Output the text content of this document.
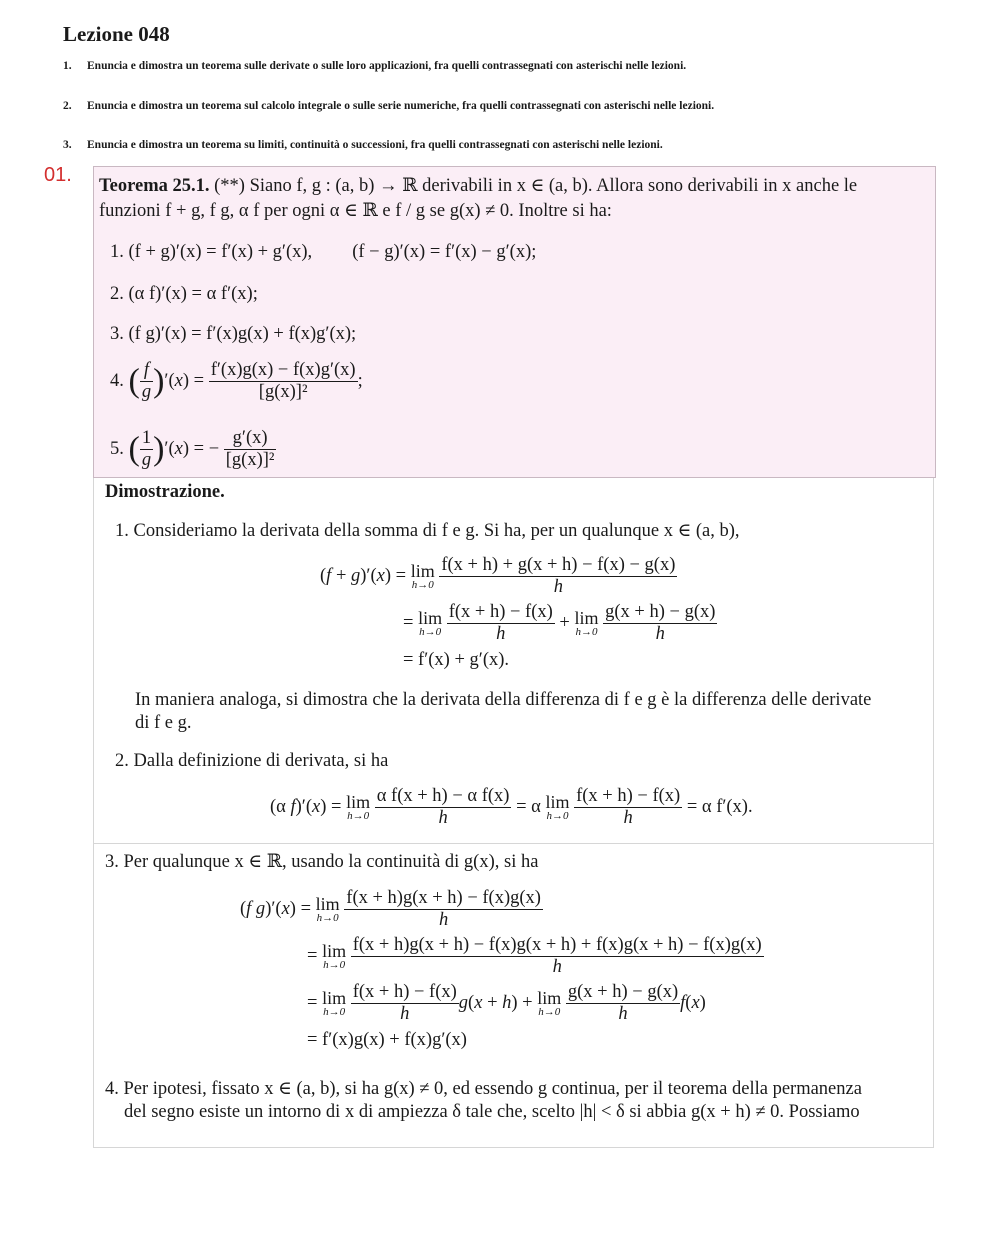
Lezione 048
1. Enuncia e dimostra un teorema sulle derivate o sulle loro applicazioni, fra quelli contrassegnati con asterischi nelle lezioni.
2. Enuncia e dimostra un teorema sul calcolo integrale o sulle serie numeriche, fra quelli contrassegnati con asterischi nelle lezioni.
3. Enuncia e dimostra un teorema su limiti, continuità o successioni, fra quelli contrassegnati con asterischi nelle lezioni.
01. Teorema 25.1. (**) Siano f, g : (a, b) → ℝ derivabili in x ∈ (a, b). Allora sono derivabili in x anche le
funzioni f + g, f g, α f per ogni α ∈ ℝ e f / g se g(x) ≠ 0. Inoltre si ha:
1. (f + g)′(x) = f′(x) + g′(x), (f − g)′(x) = f′(x) − g′(x);
2. (α f)′(x) = α f′(x);
3. (f g)′(x) = f′(x)g(x) + f(x)g′(x);
4. ( $\frac{f}{g} )'(x) = \frac{f'(x)g(x) - f(x)g'(x)}{\text{[g(x)]²}}$ ;
5. ( $\frac{1}{g} )'(x)$ = − $\frac{g'(x)}{\text{[g(x)]²}}$
Dimostrazione.
1. Consideriamo la derivata della somma di f e g. Si ha, per un qualunque x ∈ (a, b),
(f + g)′(x) = lim
h→0
$\frac{f(x + h) + g(x + h) - f(x) - g(x)}{h}$
= lim
h→0
$\frac{f(x + h) - f(x)}{h} + \lim$
h→0
$\frac{g(x + h) - g(x)}{h}$
= f′(x) + g′(x).
In maniera analoga, si dimostra che la derivata della differenza di f e g è la differenza delle derivate
di f e g.
2. Dalla definizione di derivata, si ha
(α f)′(x) = lim
h→0
$\frac{\text{α f(x + h) − α f(x)}}{h} = \alpha$ lim
h→0
$\frac{f(x + h) - f(x)}{h} = \alpha$ f′(x).
3. Per qualunque x ∈ ℝ, usando la continuità di g(x), si ha
(f g)′(x) = lim
h→0
$\frac{f(x + h)g(x + h) - f(x)g(x)}{h}$
= lim
h→0
$\frac{f(x + h)g(x + h) - f(x)g(x + h) + f(x)g(x + h) - f(x)g(x)}{h}$
= lim
h→0
$\frac{f(x + h) - f(x)}{h} g(x + h) + \lim$
h→0
$\frac{g(x + h) - g(x)}{h} f(x)$
= f′(x)g(x) + f(x)g′(x)
4. Per ipotesi, fissato x ∈ (a, b), si ha g(x) ≠ 0, ed essendo g continua, per il teorema della permanenza
del segno esiste un intorno di x di ampiezza δ tale che, scelto |h| < δ si abbia g(x + h) ≠ 0. Possiamo
